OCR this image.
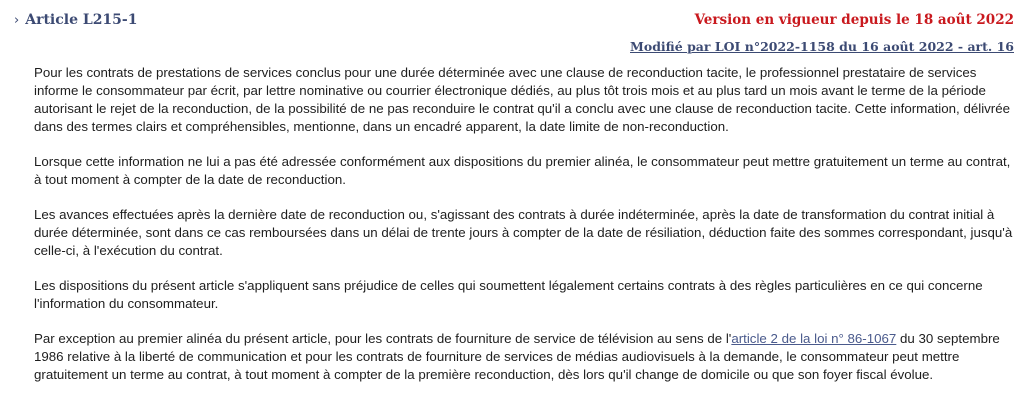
› Article L215-1	Version en vigueur depuis le 18 août 2022
Modifié par LOI n°2022-1158 du 16 août 2022 - art. 16

Pour les contrats de prestations de services conclus pour une durée déterminée avec une clause de reconduction tacite, le professionnel prestataire de services informe le consommateur par écrit, par lettre nominative ou courrier électronique dédiés, au plus tôt trois mois et au plus tard un mois avant le terme de la période autorisant le rejet de la reconduction, de la possibilité de ne pas reconduire le contrat qu'il a conclu avec une clause de reconduction tacite. Cette information, délivrée dans des termes clairs et compréhensibles, mentionne, dans un encadré apparent, la date limite de non-reconduction.

Lorsque cette information ne lui a pas été adressée conformément aux dispositions du premier alinéa, le consommateur peut mettre gratuitement un terme au contrat, à tout moment à compter de la date de reconduction.

Les avances effectuées après la dernière date de reconduction ou, s'agissant des contrats à durée indéterminée, après la date de transformation du contrat initial à durée déterminée, sont dans ce cas remboursées dans un délai de trente jours à compter de la date de résiliation, déduction faite des sommes correspondant, jusqu'à celle-ci, à l'exécution du contrat.

Les dispositions du présent article s'appliquent sans préjudice de celles qui soumettent légalement certains contrats à des règles particulières en ce qui concerne l'information du consommateur.

Par exception au premier alinéa du présent article, pour les contrats de fourniture de service de télévision au sens de l'article 2 de la loi n° 86-1067 du 30 septembre 1986 relative à la liberté de communication et pour les contrats de fourniture de services de médias audiovisuels à la demande, le consommateur peut mettre gratuitement un terme au contrat, à tout moment à compter de la première reconduction, dès lors qu'il change de domicile ou que son foyer fiscal évolue.
